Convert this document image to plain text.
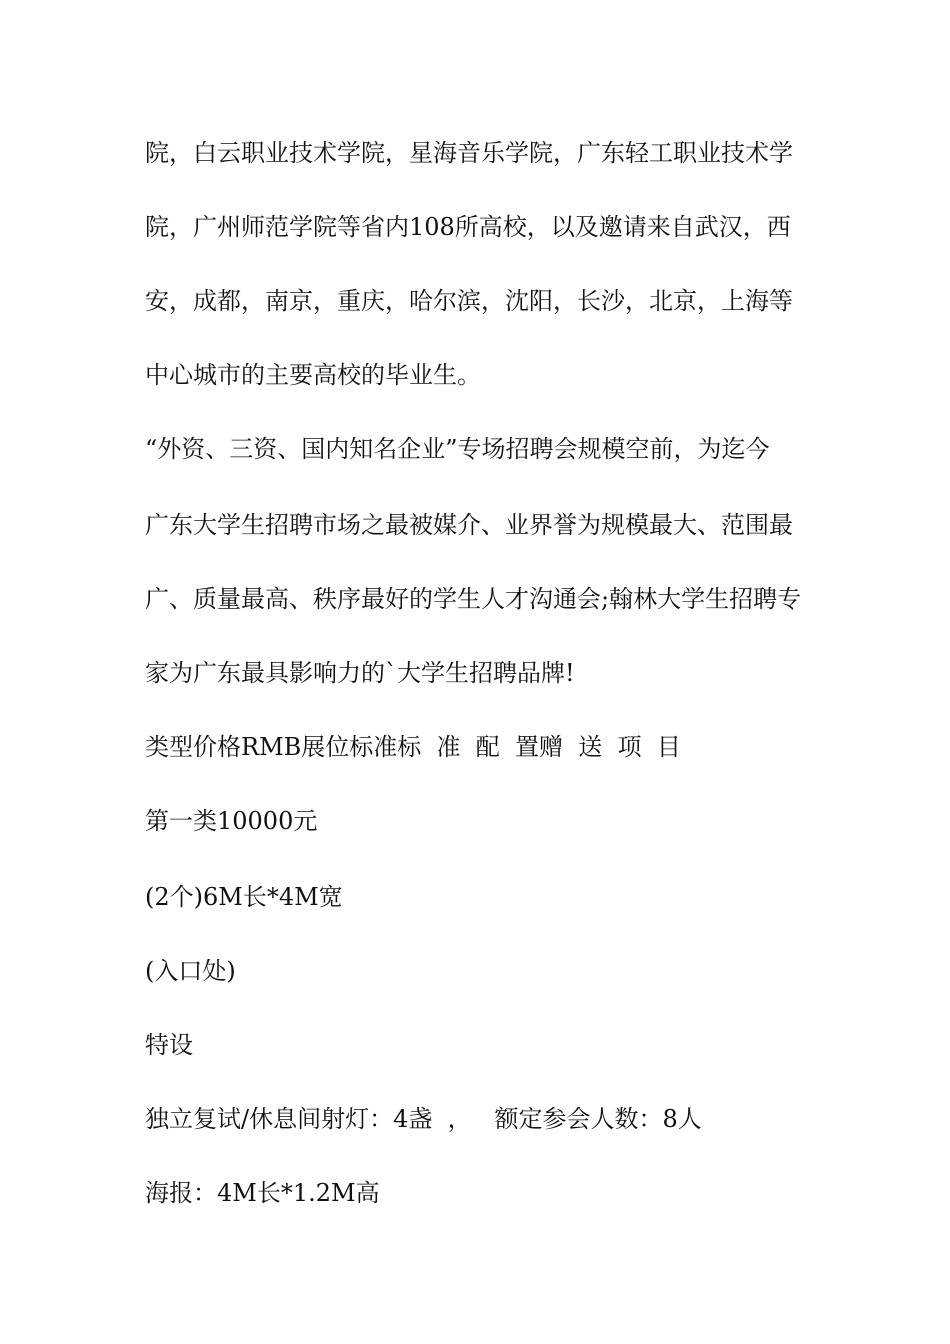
院，白云职业技术学院，星海音乐学院，广东轻工职业技术学
院，广州师范学院等省内108所高校，以及邀请来自武汉，西
安，成都，南京，重庆，哈尔滨，沈阳，长沙，北京，上海等
中心城市的主要高校的毕业生。
“外资、三资、国内知名企业”专场招聘会规模空前，为迄今
广东大学生招聘市场之最被媒介、业界誉为规模最大、范围最
广、质量最高、秩序最好的学生人才沟通会;翰林大学生招聘专
家为广东最具影响力的`大学生招聘品牌!
类型价格RMB展位标准标  准  配  置赠  送  项  目
第一类10000元
(2个)6M长*4M宽
(入口处)
特设
独立复试/休息间射灯：4盏  ，   额定参会人数：8人
海报：4M长*1.2M高
